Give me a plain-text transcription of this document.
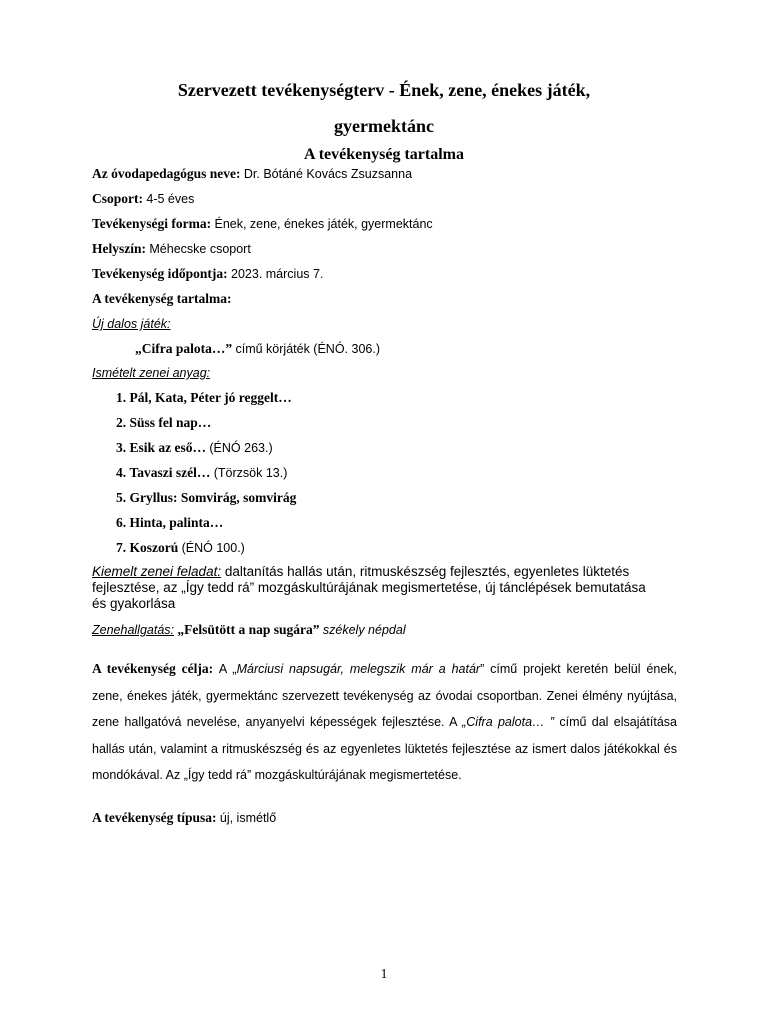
Szervezett tevékenységterv - Ének, zene, énekes játék,
gyermektánc
A tevékenység tartalma
Az óvodapedagógus neve: Dr. Bótáné Kovács Zsuzsanna
Csoport: 4-5 éves
Tevékenységi forma: Ének, zene, énekes játék, gyermektánc
Helyszín: Méhecske csoport
Tevékenység időpontja: 2023. március 7.
A tevékenység tartalma:
Új dalos játék:
„Cifra palota…” című körjáték (ÉNÓ. 306.)
Ismételt zenei anyag:
1. Pál, Kata, Péter jó reggelt…
2. Süss fel nap…
3. Esik az eső… (ÉNÓ 263.)
4. Tavaszi szél… (Törzsök 13.)
5. Gryllus: Somvirág, somvirág
6. Hinta, palinta…
7. Koszorú (ÉNÓ 100.)
Kiemelt zenei feladat: daltanítás hallás után, ritmuskészség fejlesztés, egyenletes lüktetés
fejlesztése, az „Így tedd rá” mozgáskultúrájának megismertetése, új tánclépések bemutatása
és gyakorlása
Zenehallgatás: „Felsütött a nap sugára” székely népdal
A tevékenység célja: A „Márciusi napsugár, melegszik már a határ” című projekt keretén belül ének, zene, énekes játék, gyermektánc szervezett tevékenység az óvodai csoportban. Zenei élmény nyújtása, zene hallgatóvá nevelése, anyanyelvi képességek fejlesztése. A „Cifra palota… ” című dal elsajátítása hallás után, valamint a ritmuskészség és az egyenletes lüktetés fejlesztése az ismert dalos játékokkal és mondókával. Az „Így tedd rá” mozgáskultúrájának megismertetése.
A tevékenység típusa: új, ismétlő
1
